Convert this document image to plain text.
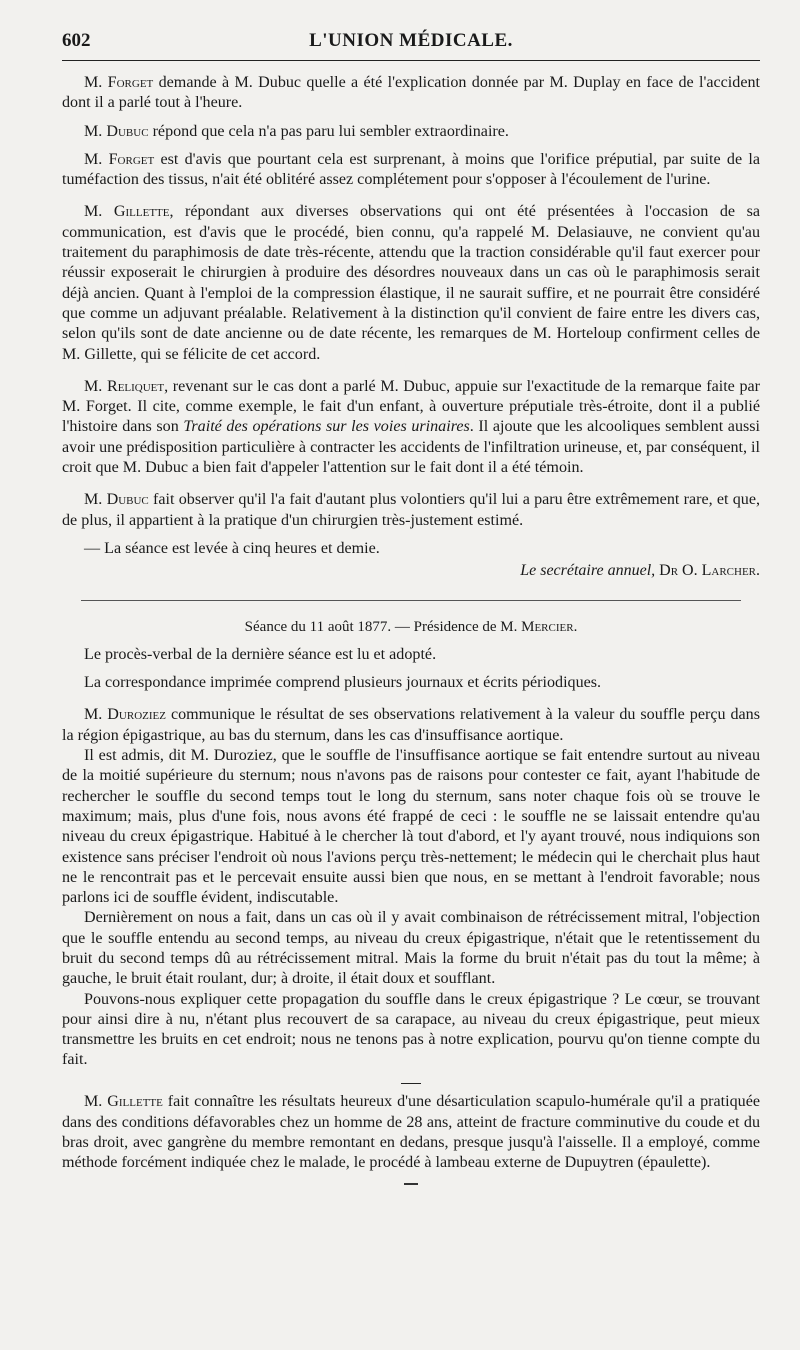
602	L'UNION MÉDICALE.

M. Forget demande à M. Dubuc quelle a été l'explication donnée par M. Duplay en face de l'accident dont il a parlé tout à l'heure.

M. Dubuc répond que cela n'a pas paru lui sembler extraordinaire.

M. Forget est d'avis que pourtant cela est surprenant, à moins que l'orifice préputial, par suite de la tuméfaction des tissus, n'ait été oblitéré assez complétement pour s'opposer à l'écoulement de l'urine.

M. Gillette, répondant aux diverses observations qui ont été présentées à l'occasion de sa communication, est d'avis que le procédé, bien connu, qu'a rappelé M. Delasiauve, ne convient qu'au traitement du paraphimosis de date très-récente, attendu que la traction considérable qu'il faut exercer pour réussir exposerait le chirurgien à produire des désordres nouveaux dans un cas où le paraphimosis serait déjà ancien. Quant à l'emploi de la compression élastique, il ne saurait suffire, et ne pourrait être considéré que comme un adjuvant préalable. Relativement à la distinction qu'il convient de faire entre les divers cas, selon qu'ils sont de date ancienne ou de date récente, les remarques de M. Horteloup confirment celles de M. Gillette, qui se félicite de cet accord.

M. Reliquet, revenant sur le cas dont a parlé M. Dubuc, appuie sur l'exactitude de la remarque faite par M. Forget. Il cite, comme exemple, le fait d'un enfant, à ouverture préputiale très-étroite, dont il a publié l'histoire dans son Traité des opérations sur les voies urinaires. Il ajoute que les alcooliques semblent aussi avoir une prédisposition particulière à contracter les accidents de l'infiltration urineuse, et, par conséquent, il croit que M. Dubuc a bien fait d'appeler l'attention sur le fait dont il a été témoin.

M. Dubuc fait observer qu'il l'a fait d'autant plus volontiers qu'il lui a paru être extrêmement rare, et que, de plus, il appartient à la pratique d'un chirurgien très-justement estimé.

— La séance est levée à cinq heures et demie.

Le secrétaire annuel, Dr O. Larcher.
Séance du 11 août 1877. — Présidence de M. Mercier.

Le procès-verbal de la dernière séance est lu et adopté.

La correspondance imprimée comprend plusieurs journaux et écrits périodiques.

M. Duroziez communique le résultat de ses observations relativement à la valeur du souffle perçu dans la région épigastrique, au bas du sternum, dans les cas d'insuffisance aortique.

Il est admis, dit M. Duroziez, que le souffle de l'insuffisance aortique se fait entendre surtout au niveau de la moitié supérieure du sternum; nous n'avons pas de raisons pour contester ce fait, ayant l'habitude de rechercher le souffle du second temps tout le long du sternum, sans noter chaque fois où se trouve le maximum; mais, plus d'une fois, nous avons été frappé de ceci : le souffle ne se laissait entendre qu'au niveau du creux épigastrique. Habitué à le chercher là tout d'abord, et l'y ayant trouvé, nous indiquions son existence sans préciser l'endroit où nous l'avions perçu très-nettement; le médecin qui le cherchait plus haut ne le rencontrait pas et le percevait ensuite aussi bien que nous, en se mettant à l'endroit favorable; nous parlons ici de souffle évident, indiscutable.

Dernièrement on nous a fait, dans un cas où il y avait combinaison de rétrécissement mitral, l'objection que le souffle entendu au second temps, au niveau du creux épigastrique, n'était que le retentissement du bruit du second temps dû au rétrécissement mitral. Mais la forme du bruit n'était pas du tout la même; à gauche, le bruit était roulant, dur; à droite, il était doux et soufflant.

Pouvons-nous expliquer cette propagation du souffle dans le creux épigastrique ? Le cœur, se trouvant pour ainsi dire à nu, n'étant plus recouvert de sa carapace, au niveau du creux épigastrique, peut mieux transmettre les bruits en cet endroit; nous ne tenons pas à notre explication, pourvu qu'on tienne compte du fait.

M. Gillette fait connaître les résultats heureux d'une désarticulation scapulo-humérale qu'il a pratiquée dans des conditions défavorables chez un homme de 28 ans, atteint de fracture comminutive du coude et du bras droit, avec gangrène du membre remontant en dedans, presque jusqu'à l'aisselle. Il a employé, comme méthode forcément indiquée chez le malade, le procédé à lambeau externe de Dupuytren (épaulette).
